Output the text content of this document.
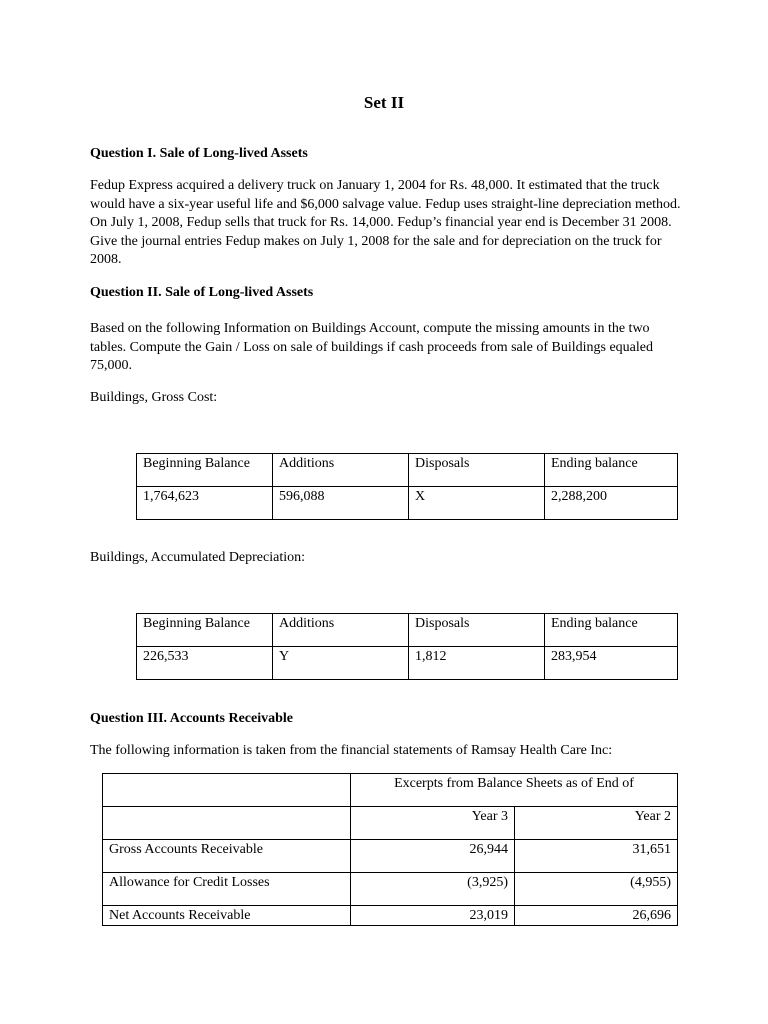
Set II
Question I. Sale of Long-lived Assets
Fedup Express acquired a delivery truck on January 1, 2004 for Rs. 48,000. It estimated that the truck
would have a six-year useful life and $6,000 salvage value. Fedup uses straight-line depreciation method.
On July 1, 2008, Fedup sells that truck for Rs. 14,000. Fedup’s financial year end is December 31 2008.
Give the journal entries Fedup makes on July 1, 2008 for the sale and for depreciation on the truck for
2008.
Question II. Sale of Long-lived Assets
Based on the following Information on Buildings Account, compute the missing amounts in the two
tables. Compute the Gain / Loss on sale of buildings if cash proceeds from sale of Buildings equaled
75,000.
Buildings, Gross Cost:
Beginning Balance	Additions	Disposals	Ending balance
1,764,623	596,088	X	2,288,200
Buildings, Accumulated Depreciation:
Beginning Balance	Additions	Disposals	Ending balance
226,533	Y	1,812	283,954
Question III. Accounts Receivable
The following information is taken from the financial statements of Ramsay Health Care Inc:
	Excerpts from Balance Sheets as of End of	
	Year 3	Year 2
Gross Accounts Receivable	26,944	31,651
Allowance for Credit Losses	(3,925)	(4,955)
Net Accounts Receivable	23,019	26,696
